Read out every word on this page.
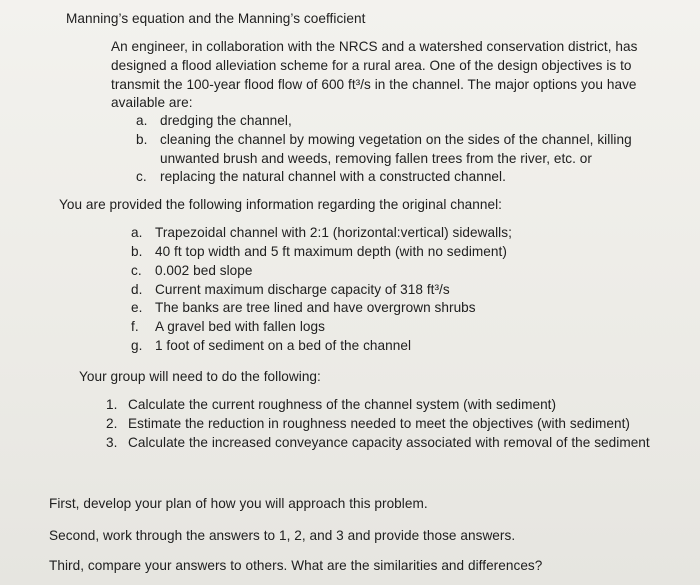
Manning’s equation and the Manning’s coefficient
An engineer, in collaboration with the NRCS and a watershed conservation district, has
designed a flood alleviation scheme for a rural area. One of the design objectives is to
transmit the 100-year flood flow of 600 ft³/s in the channel. The major options you have
available are:
a. dredging the channel,
b. cleaning the channel by mowing vegetation on the sides of the channel, killing
unwanted brush and weeds, removing fallen trees from the river, etc. or
c. replacing the natural channel with a constructed channel.
You are provided the following information regarding the original channel:
a. Trapezoidal channel with 2:1 (horizontal:vertical) sidewalls;
b. 40 ft top width and 5 ft maximum depth (with no sediment)
c. 0.002 bed slope
d. Current maximum discharge capacity of 318 ft³/s
e. The banks are tree lined and have overgrown shrubs
f. A gravel bed with fallen logs
g. 1 foot of sediment on a bed of the channel
Your group will need to do the following:
1. Calculate the current roughness of the channel system (with sediment)
2. Estimate the reduction in roughness needed to meet the objectives (with sediment)
3. Calculate the increased conveyance capacity associated with removal of the sediment
First, develop your plan of how you will approach this problem.
Second, work through the answers to 1, 2, and 3 and provide those answers.
Third, compare your answers to others. What are the similarities and differences?
